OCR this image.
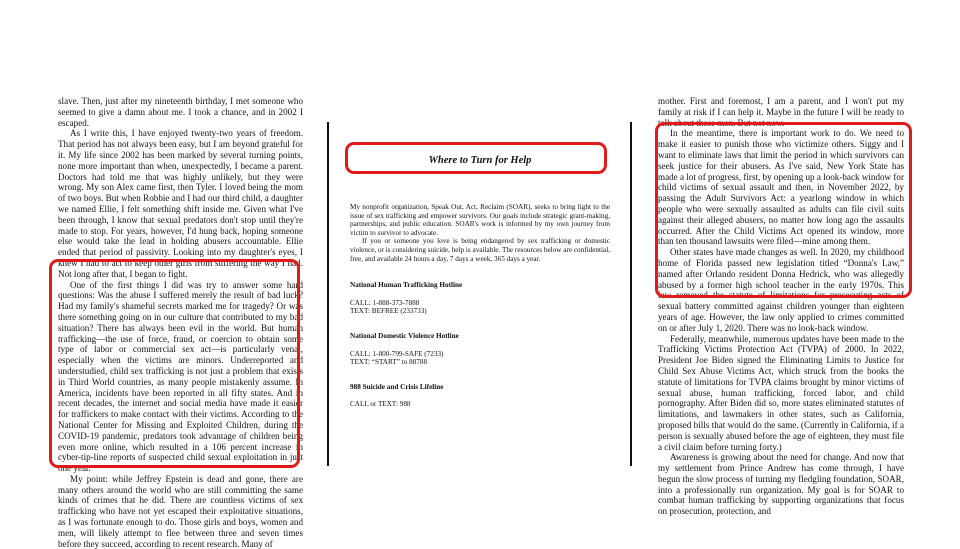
slave. Then, just after my nineteenth birthday, I met someone who seemed to give a damn about me. I took a chance, and in 2002 I escaped.

As I write this, I have enjoyed twenty-two years of freedom. That period has not always been easy, but I am beyond grateful for it. My life since 2002 has been marked by several turning points, none more important than when, unexpectedly, I became a parent. Doctors had told me that was highly unlikely, but they were wrong. My son Alex came first, then Tyler. I loved being the mom of two boys. But when Robbie and I had our third child, a daughter we named Ellie, I felt something shift inside me. Given what I've been through, I know that sexual predators don't stop until they're made to stop. For years, however, I'd hung back, hoping someone else would take the lead in holding abusers accountable. Ellie ended that period of passivity. Looking into my daughter's eyes, I knew I had to act to keep other girls from suffering the way I had. Not long after that, I began to fight.

One of the first things I did was try to answer some hard questions: Was the abuse I suffered merely the result of bad luck? Had my family's shameful secrets marked me for tragedy? Or was there something going on in our culture that contributed to my bad situation? There has always been evil in the world. But human trafficking—the use of force, fraud, or coercion to obtain some type of labor or commercial sex act—is particularly venal, especially when the victims are minors. Underreported and understudied, child sex trafficking is not just a problem that exists in Third World countries, as many people mistakenly assume. In America, incidents have been reported in all fifty states. And in recent decades, the internet and social media have made it easier for traffickers to make contact with their victims. According to the National Center for Missing and Exploited Children, during the COVID-19 pandemic, predators took advantage of children being even more online, which resulted in a 106 percent increase in cyber-tip-line reports of suspected child sexual exploitation in just one year.

My point: while Jeffrey Epstein is dead and gone, there are many others around the world who are still committing the same kinds of crimes that he did. There are countless victims of sex trafficking who have not yet escaped their exploitative situations, as I was fortunate enough to do. Those girls and boys, women and men, will likely attempt to flee between three and seven times before they succeed, according to recent research. Many of

Where to Turn for Help

My nonprofit organization, Speak Out, Act, Reclaim (SOAR), seeks to bring light to the issue of sex trafficking and empower survivors. Our goals include strategic grant-making, partnerships, and public education. SOAR's work is informed by my own journey from victim to survivor to advocate.

If you or someone you love is being endangered by sex trafficking or domestic violence, or is considering suicide, help is available. The resources below are confidential, free, and available 24 hours a day, 7 days a week, 365 days a year.

National Human Trafficking Hotline
CALL: 1-888-373-7888
TEXT: BEFREE (233733)
National Domestic Violence Hotline
CALL: 1-800-799-SAFE (7233)
TEXT: “START” to 88788
988 Suicide and Crisis Lifeline
CALL or TEXT: 988

mother. First and foremost, I am a parent, and I won't put my family at risk if I can help it. Maybe in the future I will be ready to talk about these men. But not now.

In the meantime, there is important work to do. We need to make it easier to punish those who victimize others. Siggy and I want to eliminate laws that limit the period in which survivors can seek justice for their abusers. As I've said, New York State has made a lot of progress, first, by opening up a look-back window for child victims of sexual assault and then, in November 2022, by passing the Adult Survivors Act: a yearlong window in which people who were sexually assaulted as adults can file civil suits against their alleged abusers, no matter how long ago the assaults occurred. After the Child Victims Act opened its window, more than ten thousand lawsuits were filed—mine among them.

Other states have made changes as well. In 2020, my childhood home of Florida passed new legislation titled “Donna's Law,” named after Orlando resident Donna Hedrick, who was allegedly abused by a former high school teacher in the early 1970s. This law removed the statute of limitations for prosecuting acts of sexual battery committed against children younger than eighteen years of age. However, the law only applied to crimes committed on or after July 1, 2020. There was no look-back window.

Federally, meanwhile, numerous updates have been made to the Trafficking Victims Protection Act (TVPA) of 2000. In 2022, President Joe Biden signed the Eliminating Limits to Justice for Child Sex Abuse Victims Act, which struck from the books the statute of limitations for TVPA claims brought by minor victims of sexual abuse, human trafficking, forced labor, and child pornography. After Biden did so, more states eliminated statutes of limitations, and lawmakers in other states, such as California, proposed bills that would do the same. (Currently in California, if a person is sexually abused before the age of eighteen, they must file a civil claim before turning forty.)

Awareness is growing about the need for change. And now that my settlement from Prince Andrew has come through, I have begun the slow process of turning my fledgling foundation, SOAR, into a professionally run organization. My goal is for SOAR to combat human trafficking by supporting organizations that focus on prosecution, protection, and
